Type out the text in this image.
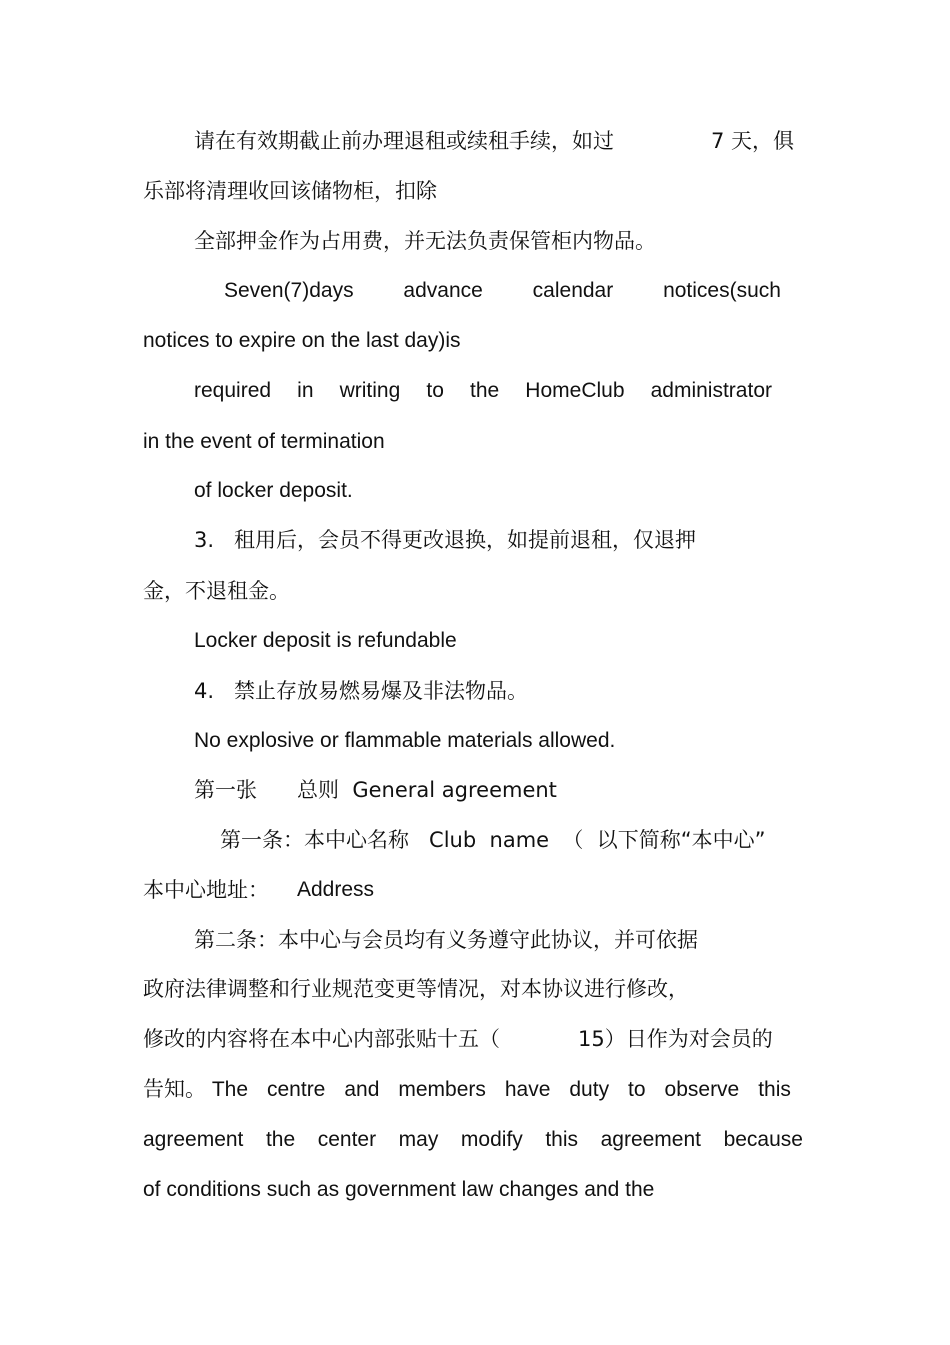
请在有效期截止前办理退租或续租手续，如过	7 天，俱
乐部将清理收回该储物柜，扣除
全部押金作为占用费，并无法负责保管柜内物品。
Seven(7)days advance calendar notices(such
notices to expire on the last day)is
required in writing to the HomeClub administrator
in the event of termination
of locker deposit.
3.   租用后，会员不得更改退换，如提前退租，仅退押
金，不退租金。
Locker deposit is refundable
4.   禁止存放易燃易爆及非法物品。
No explosive or flammable materials allowed.
第一张 总则  General agreement
第一条：本中心名称   Club  name  （  以下简称“本中心”
本中心地址： Address
第二条：本中心与会员均有义务遵守此协议，并可依据
政府法律调整和行业规范变更等情况，对本协议进行修改，
修改的内容将在本中心内部张贴十五（	15）日作为对会员的
告知。 The centre and members have duty to observe this
agreement the center may modify this agreement because
of conditions such as government law changes and the
